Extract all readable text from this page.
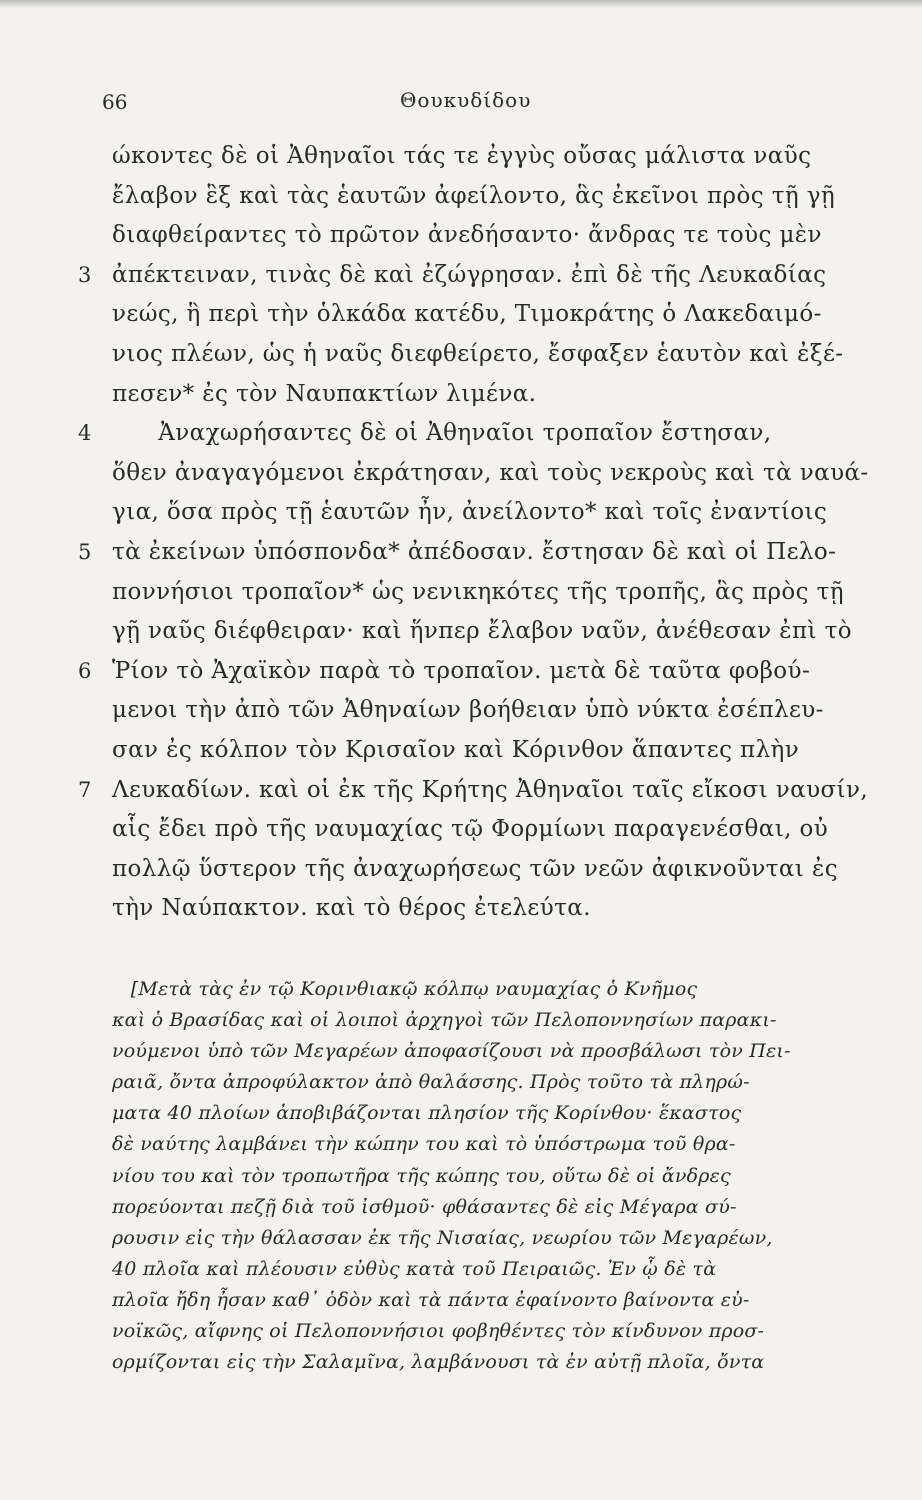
66	Θουκυδίδου
ώκοντες δὲ οἱ Ἀθηναῖοι τάς τε ἐγγὺς οὔσας μάλιστα ναῦς
ἔλαβον ἓξ καὶ τὰς ἑαυτῶν ἀφείλοντο, ἃς ἐκεῖνοι πρὸς τῇ γῇ
διαφθείραντες τὸ πρῶτον ἀνεδήσαντο· ἄνδρας τε τοὺς μὲν
3 ἀπέκτειναν, τινὰς δὲ καὶ ἐζώγρησαν. ἐπὶ δὲ τῆς Λευκαδίας
νεώς, ἣ περὶ τὴν ὁλκάδα κατέδυ, Τιμοκράτης ὁ Λακεδαιμό-
νιος πλέων, ὡς ἡ ναῦς διεφθείρετο, ἔσφαξεν ἑαυτὸν καὶ ἐξέ-
πεσεν* ἐς τὸν Ναυπακτίων λιμένα.
4 Ἀναχωρήσαντες δὲ οἱ Ἀθηναῖοι τροπαῖον ἔστησαν,
ὅθεν ἀναγαγόμενοι ἐκράτησαν, καὶ τοὺς νεκροὺς καὶ τὰ ναυά-
για, ὅσα πρὸς τῇ ἑαυτῶν ἦν, ἀνείλοντο* καὶ τοῖς ἐναντίοις
5 τὰ ἐκείνων ὑπόσπονδα* ἀπέδοσαν. ἔστησαν δὲ καὶ οἱ Πελο-
ποννήσιοι τροπαῖον* ὡς νενικηκότες τῆς τροπῆς, ἃς πρὸς τῇ
γῇ ναῦς διέφθειραν· καὶ ἥνπερ ἔλαβον ναῦν, ἀνέθεσαν ἐπὶ τὸ
6 Ῥίον τὸ Ἀχαϊκὸν παρὰ τὸ τροπαῖον. μετὰ δὲ ταῦτα φοβού-
μενοι τὴν ἀπὸ τῶν Ἀθηναίων βοήθειαν ὑπὸ νύκτα ἐσέπλευ-
σαν ἐς κόλπον τὸν Κρισαῖον καὶ Κόρινθον ἅπαντες πλὴν
7 Λευκαδίων. καὶ οἱ ἐκ τῆς Κρήτης Ἀθηναῖοι ταῖς εἴκοσι ναυσίν,
αἷς ἔδει πρὸ τῆς ναυμαχίας τῷ Φορμίωνι παραγενέσθαι, οὐ
πολλῷ ὕστερον τῆς ἀναχωρήσεως τῶν νεῶν ἀφικνοῦνται ἐς
τὴν Ναύπακτον. καὶ τὸ θέρος ἐτελεύτα.
[Μετὰ τὰς ἐν τῷ Κορινθιακῷ κόλπῳ ναυμαχίας ὁ Κνῆμος
καὶ ὁ Βρασίδας καὶ οἱ λοιποὶ ἀρχηγοὶ τῶν Πελοποννησίων παρακι-
νούμενοι ὑπὸ τῶν Μεγαρέων ἀποφασίζουσι νὰ προσβάλωσι τὸν Πει-
ραιᾶ, ὄντα ἀπροφύλακτον ἀπὸ θαλάσσης. Πρὸς τοῦτο τὰ πληρώ-
ματα 40 πλοίων ἀποβιβάζονται πλησίον τῆς Κορίνθου· ἕκαστος
δὲ ναύτης λαμβάνει τὴν κώπην του καὶ τὸ ὑπόστρωμα τοῦ θρα-
νίου του καὶ τὸν τροπωτῆρα τῆς κώπης του, οὕτω δὲ οἱ ἄνδρες
πορεύονται πεζῇ διὰ τοῦ ἰσθμοῦ· φθάσαντες δὲ εἰς Μέγαρα σύ-
ρουσιν εἰς τὴν θάλασσαν ἐκ τῆς Νισαίας, νεωρίου τῶν Μεγαρέων,
40 πλοῖα καὶ πλέουσιν εὐθὺς κατὰ τοῦ Πειραιῶς. Ἐν ᾧ δὲ τὰ
πλοῖα ἤδη ἦσαν καθ᾽ ὁδὸν καὶ τὰ πάντα ἐφαίνοντο βαίνοντα εὐ-
νοϊκῶς, αἴφνης οἱ Πελοποννήσιοι φοβηθέντες τὸν κίνδυνον προσ-
ορμίζονται εἰς τὴν Σαλαμῖνα, λαμβάνουσι τὰ ἐν αὐτῇ πλοῖα, ὄντα
